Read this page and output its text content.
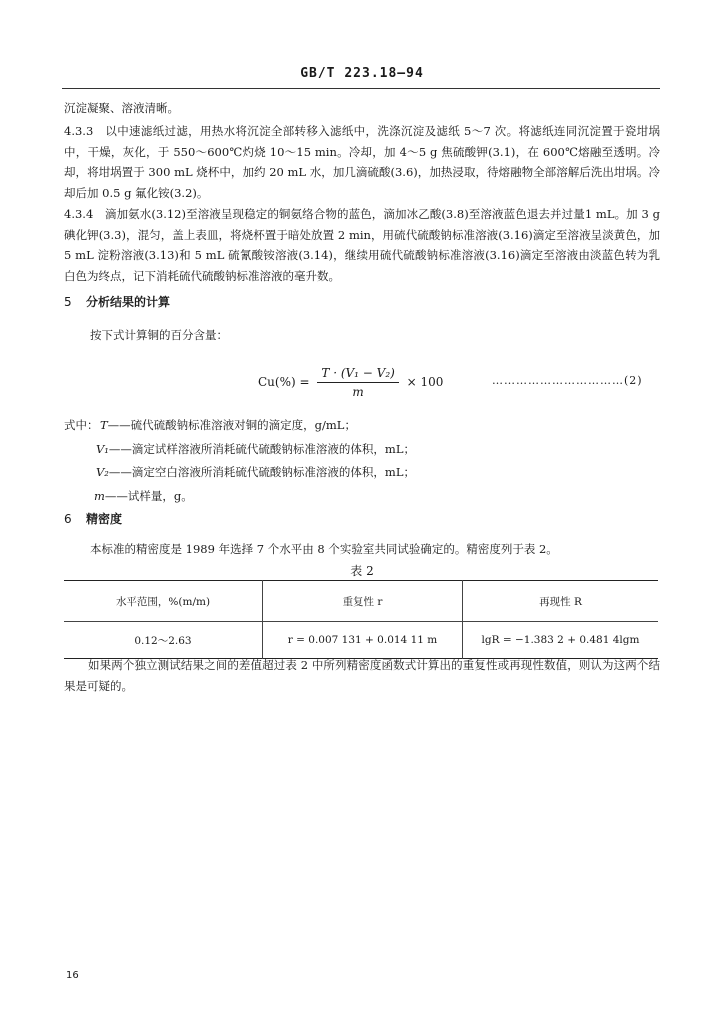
GB/T 223.18—94
沉淀凝聚、溶液清晰。
4.3.3　以中速滤纸过滤，用热水将沉淀全部转移入滤纸中，洗涤沉淀及滤纸 5～7 次。将滤纸连同沉淀置于瓷坩埚中，干燥，灰化，于 550～600℃灼烧 10～15 min。冷却，加 4～5 g 焦硫酸钾(3.1)，在 600℃熔融至透明。冷却，将坩埚置于 300 mL 烧杯中，加约 20 mL 水，加几滴硫酸(3.6)，加热浸取，待熔融物全部溶解后洗出坩埚。冷却后加 0.5 g 氟化铵(3.2)。
4.3.4　滴加氨水(3.12)至溶液呈现稳定的铜氨络合物的蓝色，滴加冰乙酸(3.8)至溶液蓝色退去并过量1 mL。加 3 g 碘化钾(3.3)，混匀，盖上表皿，将烧杯置于暗处放置 2 min，用硫代硫酸钠标准溶液(3.16)滴定至溶液呈淡黄色，加 5 mL 淀粉溶液(3.13)和 5 mL 硫氰酸铵溶液(3.14)，继续用硫代硫酸钠标准溶液(3.16)滴定至溶液由淡蓝色转为乳白色为终点，记下消耗硫代硫酸钠标准溶液的毫升数。
5 分析结果的计算
按下式计算铜的百分含量：
$Cu(\%) = \frac{\text{T · (V₁ − V₂)}}{m} \times 100$	……………………………(2)
式中： T——硫代硫酸钠标准溶液对铜的滴定度，g/mL；
V₁——滴定试样溶液所消耗硫代硫酸钠标准溶液的体积，mL；
V₂——滴定空白溶液所消耗硫代硫酸钠标准溶液的体积，mL；
m——试样量，g。
6 精密度
本标准的精密度是 1989 年选择 7 个水平由 8 个实验室共同试验确定的。精密度列于表 2。
表 2
水平范围，%(m/m)	重复性 r	再现性 R
0.12～2.63	r = 0.007 131 + 0.014 11 m	lgR = −1.383 2 + 0.481 4lgm
如果两个独立测试结果之间的差值超过表 2 中所列精密度函数式计算出的重复性或再现性数值，则认为这两个结果是可疑的。
16
